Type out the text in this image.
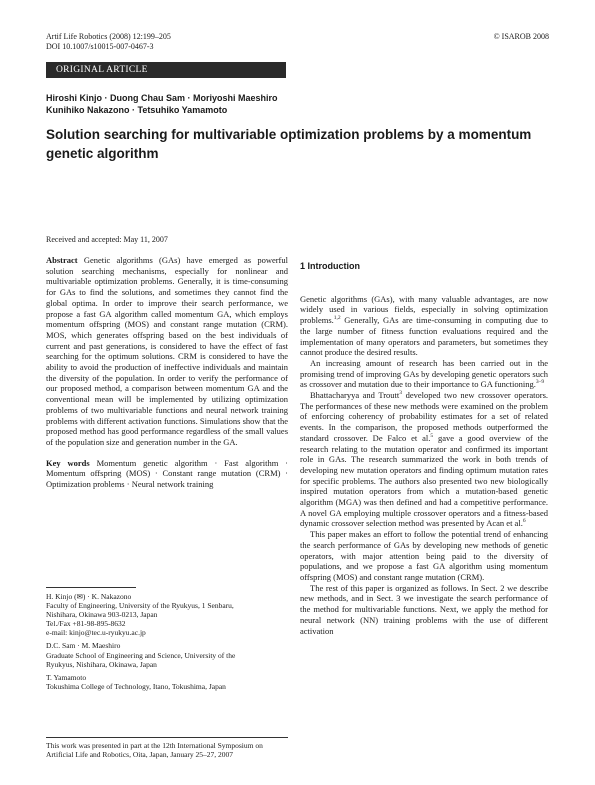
Artif Life Robotics (2008) 12:199–205
DOI 10.1007/s10015-007-0467-3
© ISAROB 2008
ORIGINAL ARTICLE
Hiroshi Kinjo · Duong Chau Sam · Moriyoshi Maeshiro
Kunihiko Nakazono · Tetsuhiko Yamamoto
Solution searching for multivariable optimization problems by a momentum genetic algorithm
Received and accepted: May 11, 2007

Abstract Genetic algorithms (GAs) have emerged as powerful solution searching mechanisms, especially for nonlinear and multivariable optimization problems. Generally, it is time-consuming for GAs to find the solutions, and sometimes they cannot find the global optima. In order to improve their search performance, we propose a fast GA algorithm called momentum GA, which employs momentum offspring (MOS) and constant range mutation (CRM). MOS, which generates offspring based on the best individuals of current and past generations, is considered to have the effect of fast searching for the optimum solutions. CRM is considered to have the ability to avoid the production of ineffective individuals and maintain the diversity of the population. In order to verify the performance of our proposed method, a comparison between momentum GA and the conventional mean will be implemented by utilizing optimization problems of two multivariable functions and neural network training problems with different activation functions. Simulations show that the proposed method has good performance regardless of the small values of the population size and generation number in the GA.

Key words Momentum genetic algorithm · Fast algorithm · Momentum offspring (MOS) · Constant range mutation (CRM) · Optimization problems · Neural network training

H. Kinjo (✉) · K. Nakazono
Faculty of Engineering, University of the Ryukyus, 1 Senbaru,
Nishihara, Okinawa 903-0213, Japan
Tel./Fax +81-98-895-8632
e-mail: kinjo@tec.u-ryukyu.ac.jp

D.C. Sam · M. Maeshiro
Graduate School of Engineering and Science, University of the
Ryukyus, Nishihara, Okinawa, Japan

T. Yamamoto
Tokushima College of Technology, Itano, Tokushima, Japan

This work was presented in part at the 12th International Symposium on Artificial Life and Robotics, Oita, Japan, January 25–27, 2007
1 Introduction

Genetic algorithms (GAs), with many valuable advantages, are now widely used in various fields, especially in solving optimization problems.$^{1,2}$ Generally, GAs are time-consuming in computing due to the large number of fitness function evaluations required and the implementation of many operators and parameters, but sometimes they cannot produce the desired results.

An increasing amount of research has been carried out in the promising trend of improving GAs by developing genetic operators such as crossover and mutation due to their importance to GA functioning.$^{3-9}$

Bhattacharyya and Troutt$^3$ developed two new crossover operators. The performances of these new methods were examined on the problem of enforcing coherency of probability estimates for a set of related events. In the comparison, the proposed methods outperformed the standard crossover. De Falco et al.$^5$ gave a good overview of the research relating to the mutation operator and confirmed its important role in GAs. The research summarized the work in both trends of developing new mutation operators and finding optimum mutation rates for specific problems. The authors also presented two new biologically inspired mutation operators from which a mutation-based genetic algorithm (MGA) was then defined and had a competitive performance. A novel GA employing multiple crossover operators and a fitness-based dynamic crossover selection method was presented by Acan et al.$^6$

This paper makes an effort to follow the potential trend of enhancing the search performance of GAs by developing new methods of genetic operators, with major attention being paid to the diversity of populations, and we propose a fast GA algorithm using momentum offspring (MOS) and constant range mutation (CRM).

The rest of this paper is organized as follows. In Sect. 2 we describe new methods, and in Sect. 3 we investigate the search performance of the method for multivariable functions. Next, we apply the method for neural network (NN) training problems with the use of different activation
